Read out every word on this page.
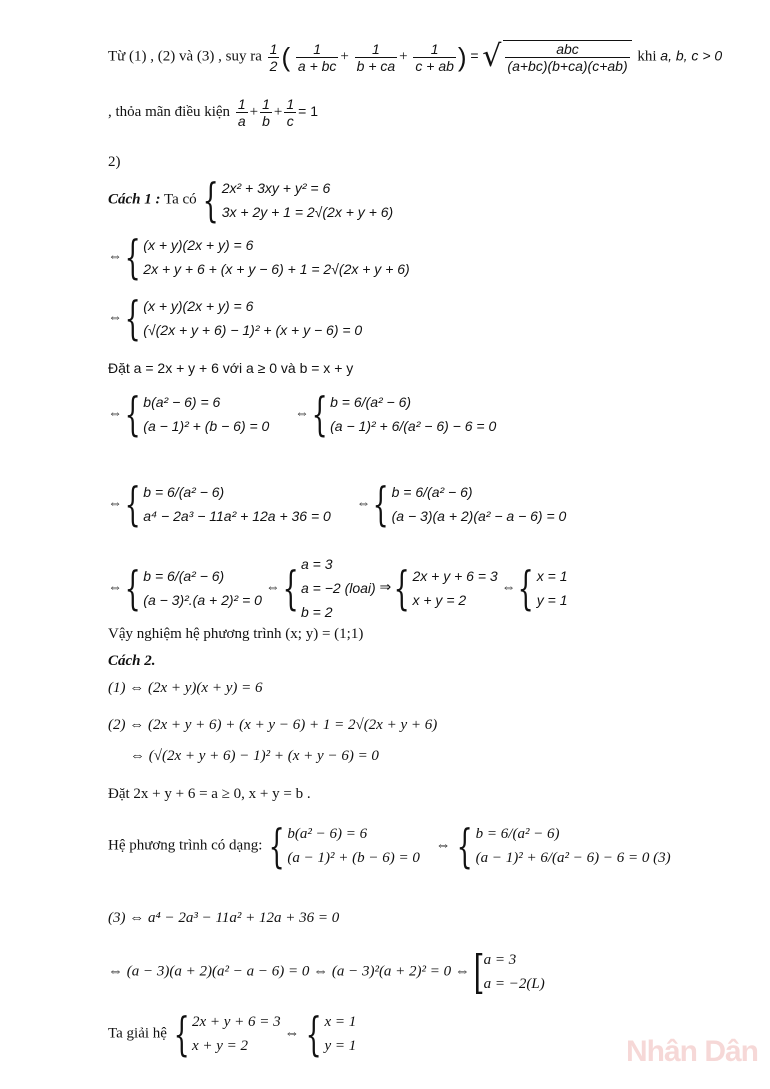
Từ (1) , (2) và (3) , suy ra $\frac{1}{2}$ ( $\frac{1}{a + bc} + \frac{1}{b + ca} + \frac{1}{c + ab}$ ) = √ $\frac{\text{abc}}{(a+bc)(b+ca)(c+ab)}$ khi a, b, c > 0
, thỏa mãn điều kiện $\frac{1}{a} + \frac{1}{b} + \frac{1}{c} = 1$
2)
Cách 1 : Ta có { 2x² + 3xy + y² = 6
3x + 2y + 1 = 2√(2x + y + 6)
⇔{ (x + y)(2x + y) = 6
2x + y + 6 + (x + y − 6) + 1 = 2√(2x + y + 6)
⇔{ (x + y)(2x + y) = 6
(√(2x + y + 6) − 1)² + (x + y − 6) = 0
Đặt a = 2x + y + 6 với a ≥ 0 và b = x + y
⇔{ b(a² − 6) = 6
(a − 1)² + (b − 6) = 0
⇔{ b = 6/(a² − 6)
(a − 1)² + 6/(a² − 6) − 6 = 0
⇔{ b = 6/(a² − 6)
a⁴ − 2a³ − 11a² + 12a + 36 = 0
⇔{ b = 6/(a² − 6)
(a − 3)(a + 2)(a² − a − 6) = 0
⇔{ b = 6/(a² − 6)
(a − 3)².(a + 2)² = 0
⇔{ a = 3
a = −2 (loai)
b = 2
⇒{ 2x + y + 6 = 3
x + y = 2
⇔{ x = 1
y = 1
Vậy nghiệm hệ phương trình (x; y) = (1;1)
Cách 2.
(1) ⇔ (2x + y)(x + y) = 6
(2) ⇔ (2x + y + 6) + (x + y − 6) + 1 = 2√(2x + y + 6)
⇔ (√(2x + y + 6) − 1)² + (x + y − 6) = 0
Đặt 2x + y + 6 = a ≥ 0, x + y = b .
Hệ phương trình có dạng: { b(a² − 6) = 6
(a − 1)² + (b − 6) = 0
⇔ { b = 6/(a² − 6)
(a − 1)² + 6/(a² − 6) − 6 = 0 (3)
(3) ⇔ a⁴ − 2a³ − 11a² + 12a + 36 = 0
⇔ (a − 3)(a + 2)(a² − a − 6) = 0 ⇔ (a − 3)²(a + 2)² = 0 ⇔ [ a = 3
a = −2(L)
Ta giải hệ { 2x + y + 6 = 3
x + y = 2
⇔ { x = 1
y = 1	Nhân Dân
